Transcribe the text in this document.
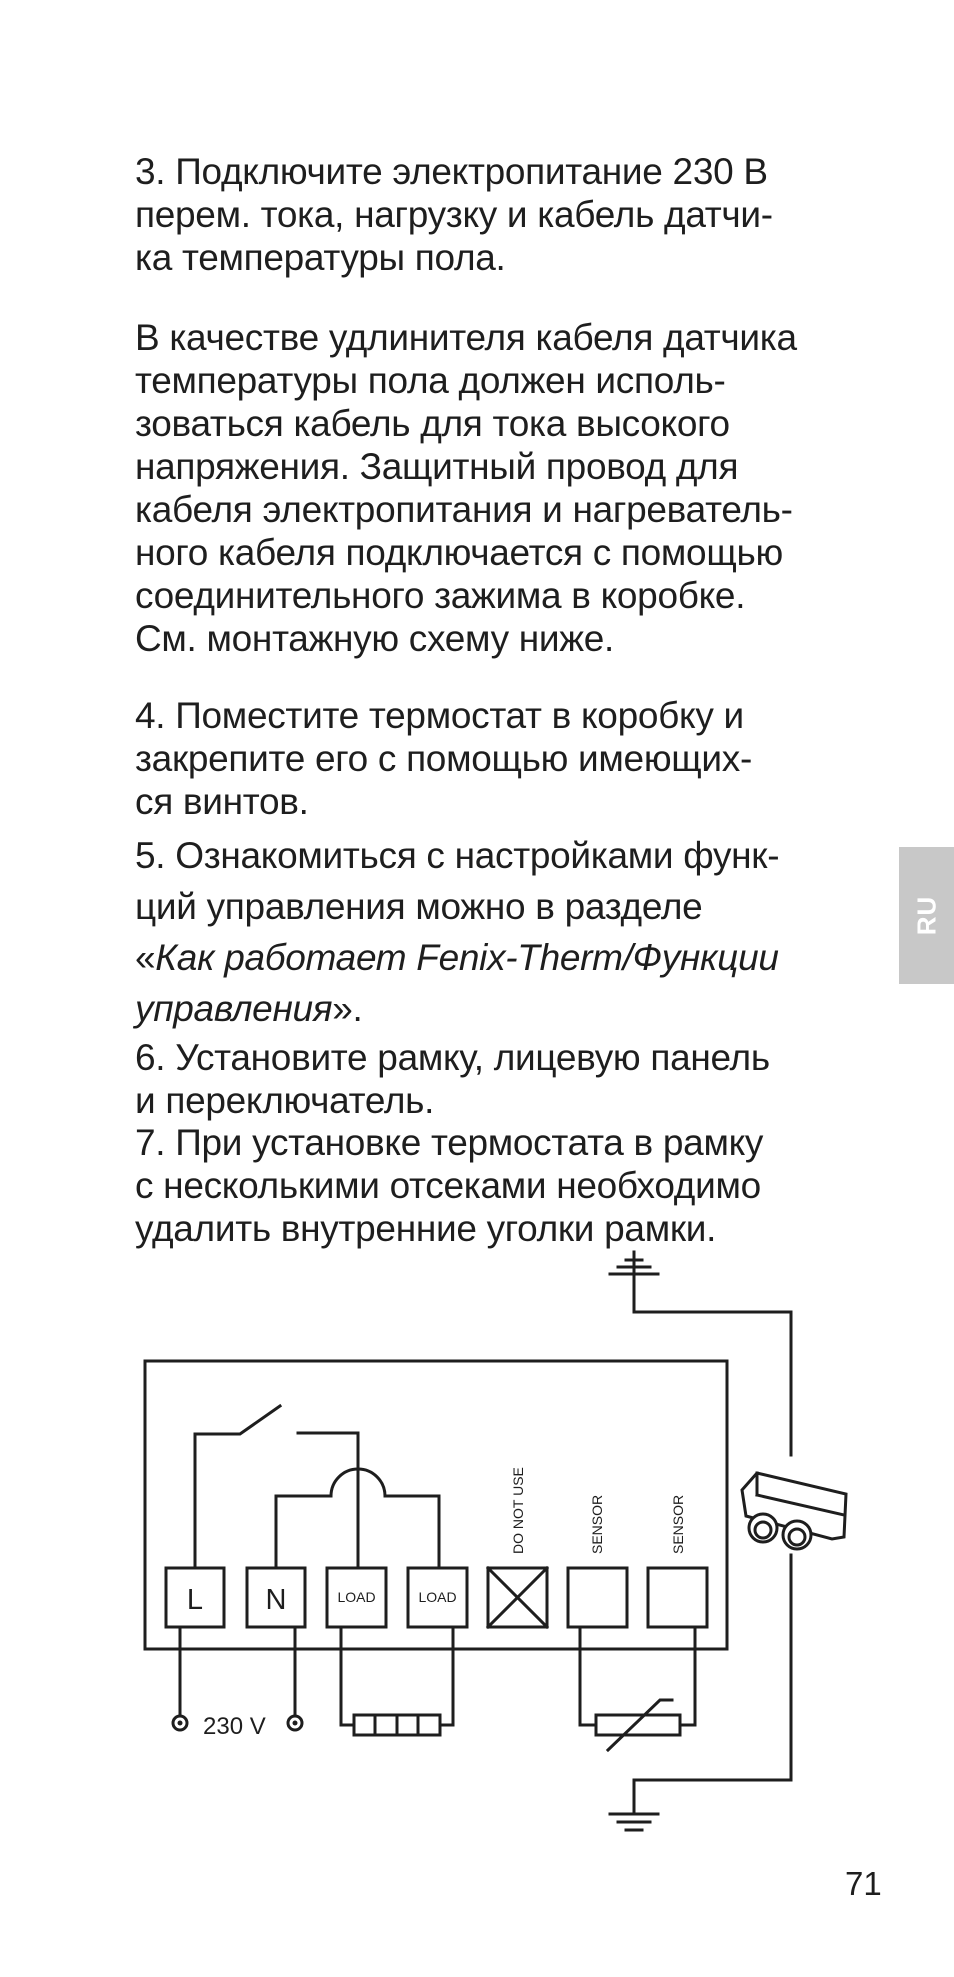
3. Подключите электропитание 230 В
перем. тока, нагрузку и кабель датчи-
ка температуры пола.

В качестве удлинителя кабеля датчика
температуры пола должен исполь-
зоваться кабель для тока высокого
напряжения. Защитный провод для
кабеля электропитания и нагреватель-
ного кабеля подключается с помощью
соединительного зажима в коробке.
См. монтажную схему ниже.

4. Поместите термостат в коробку и
закрепите его с помощью имеющих-
ся винтов.

5. Ознакомиться с настройками функ-
ций управления можно в разделе
«Как работает Fenix-Therm/Функции
управления».

6. Установите рамку, лицевую панель
и переключатель.

7. При установке термостата в рамку
с несколькими отсеками необходимо
удалить внутренние уголки рамки.

RU
71
L N	LOAD	LOAD
DO NOT USE	SENSOR	SENSOR
230 V
